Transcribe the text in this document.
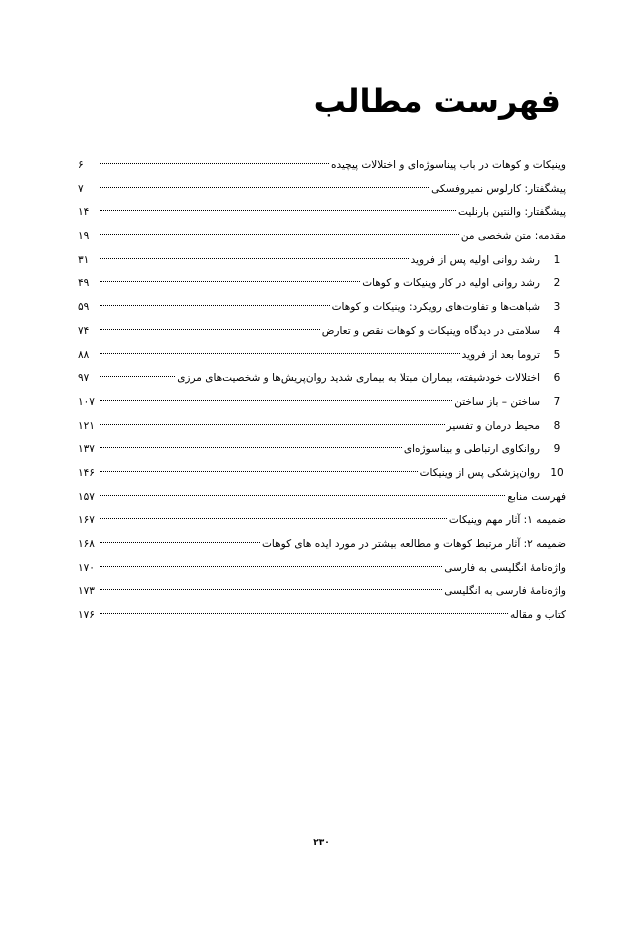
فهرست مطالب
وینیکات و کوهات در باب پیناسوژه‌ای و اختلالات پیچیده
۶
پیشگفتار: کارلوس نمیروفسکی
۷
پیشگفتار: والنتین بارنلیت
۱۴
مقدمه: متن شخصی من
۱۹
1
رشد روانی اولیه پس از فروید
۳۱
2
رشد روانی اولیه در کار وینیکات و کوهات
۴۹
3
شباهت‌ها و تفاوت‌های رویکرد: وینیکات و کوهات
۵۹
4
سلامتی در دیدگاه وینیکات و کوهات نقص و تعارض
۷۴
5
تروما بعد از فروید
۸۸
6
اختلالات خودشیفته، بیماران مبتلا به بیماری شدید روان‌پریش‌ها و شخصیت‌های مرزی
۹۷
7
ساختن – باز ساختن
۱۰۷
8
محیط درمان و تفسیر
۱۲۱
9
روانکاوی ارتباطی و بیناسوژه‌ای
۱۳۷
10
روان‌پزشکی پس از وینیکات
۱۴۶
فهرست منابع
۱۵۷
ضمیمه ۱: آثار مهم وینیکات
۱۶۷
ضمیمه ۲: آثار مرتبط کوهات و مطالعه بیشتر در مورد ایده های کوهات
۱۶۸
واژه‌نامهٔ انگلیسی به فارسی
۱۷۰
واژه‌نامهٔ فارسی به انگلیسی
۱۷۳
کتاب و مقاله
۱۷۶
۲۳۰
